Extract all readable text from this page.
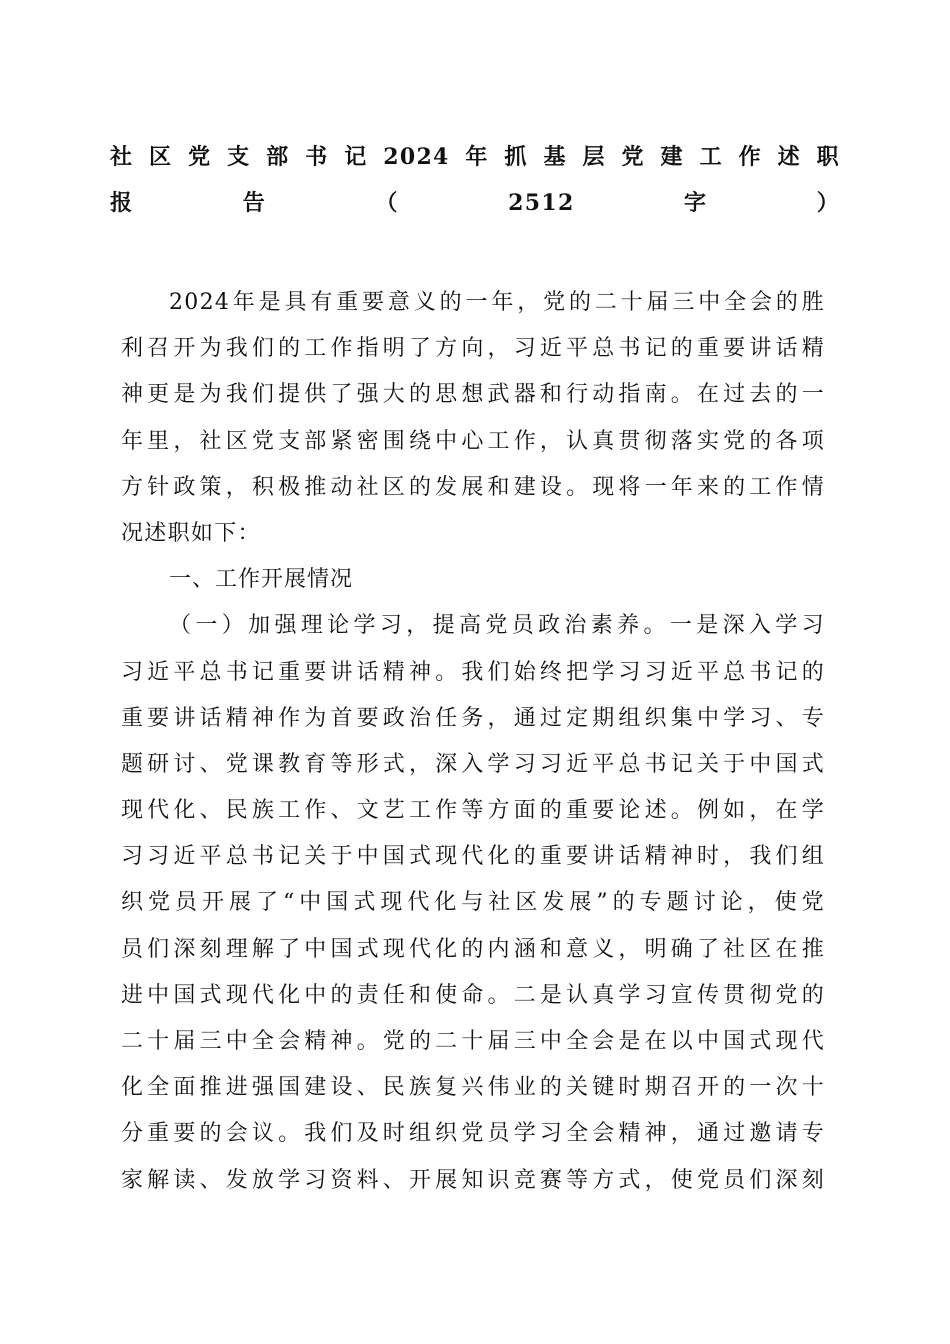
社区党支部书记2024年抓基层党建工作述职
报告（2512字）
2024年是具有重要意义的一年，党的二十届三中全会的胜
利召开为我们的工作指明了方向，习近平总书记的重要讲话精
神更是为我们提供了强大的思想武器和行动指南。在过去的一
年里，社区党支部紧密围绕中心工作，认真贯彻落实党的各项
方针政策，积极推动社区的发展和建设。现将一年来的工作情
况述职如下：
一、工作开展情况
（一）加强理论学习，提高党员政治素养。一是深入学习
习近平总书记重要讲话精神。我们始终把学习习近平总书记的
重要讲话精神作为首要政治任务，通过定期组织集中学习、专
题研讨、党课教育等形式，深入学习习近平总书记关于中国式
现代化、民族工作、文艺工作等方面的重要论述。例如，在学
习习近平总书记关于中国式现代化的重要讲话精神时，我们组
织党员开展了“中国式现代化与社区发展”的专题讨论，使党
员们深刻理解了中国式现代化的内涵和意义，明确了社区在推
进中国式现代化中的责任和使命。二是认真学习宣传贯彻党的
二十届三中全会精神。党的二十届三中全会是在以中国式现代
化全面推进强国建设、民族复兴伟业的关键时期召开的一次十
分重要的会议。我们及时组织党员学习全会精神，通过邀请专
家解读、发放学习资料、开展知识竞赛等方式，使党员们深刻
